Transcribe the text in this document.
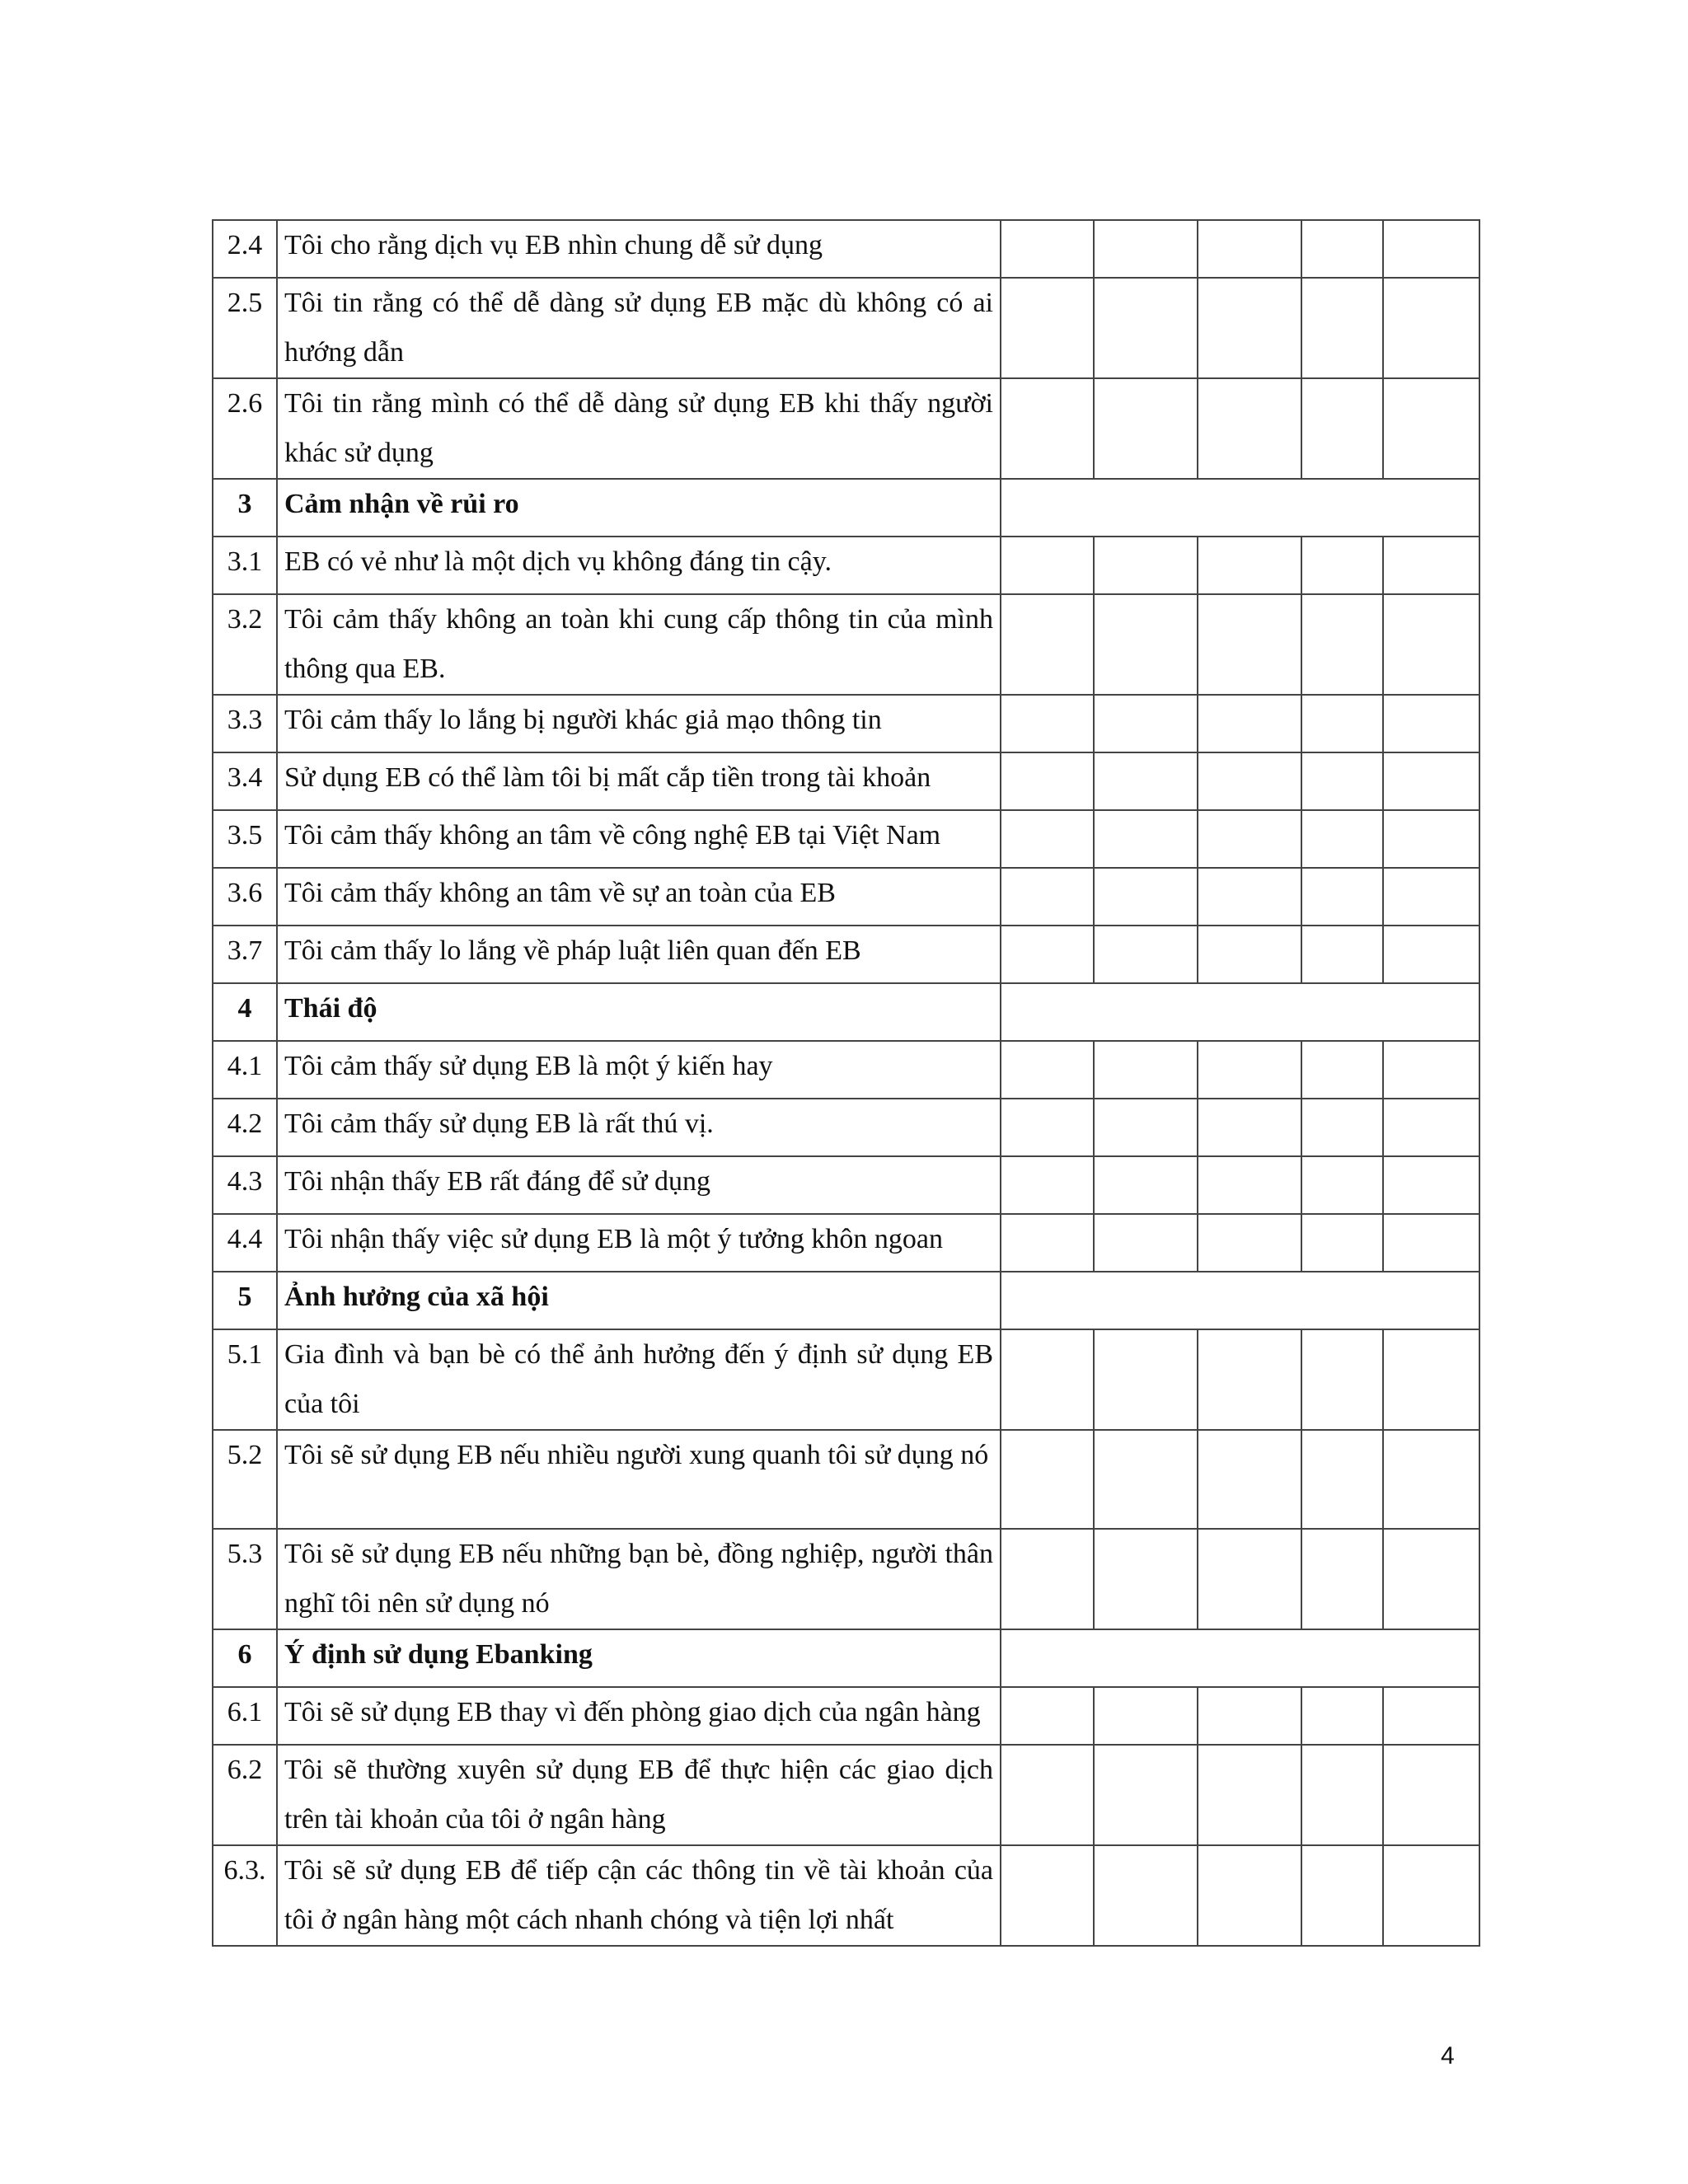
2.4	Tôi cho rằng dịch vụ EB nhìn chung dễ sử dụng					
2.5	Tôi tin rằng có thể dễ dàng sử dụng EB mặc dù không có ai hướng dẫn					
2.6	Tôi tin rằng mình có thể dễ dàng sử dụng EB khi thấy người khác sử dụng					
3	Cảm nhận về rủi ro					
3.1	EB có vẻ như là một dịch vụ không đáng tin cậy.					
3.2	Tôi cảm thấy không an toàn khi cung cấp thông tin của mình thông qua EB.					
3.3	Tôi cảm thấy lo lắng bị người khác giả mạo thông tin					
3.4	Sử dụng EB có thể làm tôi bị mất cắp tiền trong tài khoản					
3.5	Tôi cảm thấy không an tâm về công nghệ EB tại Việt Nam					
3.6	Tôi cảm thấy không an tâm về sự an toàn của EB					
3.7	Tôi cảm thấy lo lắng về pháp luật liên quan đến EB					
4	Thái độ					
4.1	Tôi cảm thấy sử dụng EB là một ý kiến hay					
4.2	Tôi cảm thấy sử dụng EB là rất thú vị.					
4.3	Tôi nhận thấy EB rất đáng để sử dụng					
4.4	Tôi nhận thấy việc sử dụng EB là một ý tưởng khôn ngoan					
5	Ảnh hưởng của xã hội					
5.1	Gia đình và bạn bè có thể ảnh hưởng đến ý định sử dụng EB của tôi					
5.2	Tôi sẽ sử dụng EB nếu nhiều người xung quanh tôi sử dụng nó					
5.3	Tôi sẽ sử dụng EB nếu những bạn bè, đồng nghiệp, người thân nghĩ tôi nên sử dụng nó					
6	Ý định sử dụng Ebanking					
6.1	Tôi sẽ sử dụng EB thay vì đến phòng giao dịch của ngân hàng					
6.2	Tôi sẽ thường xuyên sử dụng EB để thực hiện các giao dịch trên tài khoản của tôi ở ngân hàng					
6.3.	Tôi sẽ sử dụng EB để tiếp cận các thông tin về tài khoản của tôi ở ngân hàng một cách nhanh chóng và tiện lợi nhất					
4
